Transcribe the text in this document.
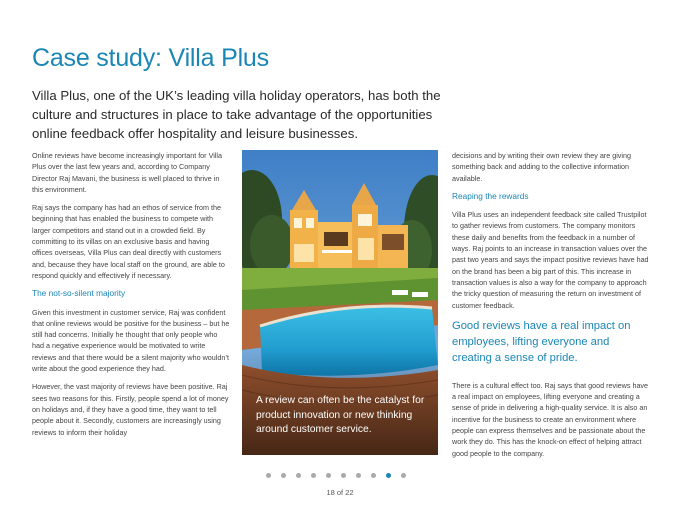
Case study: Villa Plus

Villa Plus, one of the UK’s leading villa holiday operators, has both the culture and structures in place to take advantage of the opportunities online feedback offer hospitality and leisure businesses.

Online reviews have become increasingly important for Villa Plus over the last few years and, according to Company Director Raj Mavani, the business is well placed to thrive in this environment.

Raj says the company has had an ethos of service from the beginning that has enabled the business to compete with larger competitors and stand out in a crowded field. By committing to its villas on an exclusive basis and having offices overseas, Villa Plus can deal directly with customers and, because they have local staff on the ground, are able to respond quickly and effectively if necessary.

The not-so-silent majority

Given this investment in customer service, Raj was confident that online reviews would be positive for the business – but he still had concerns. Initially he thought that only people who had a negative experience would be motivated to write reviews and that there would be a silent majority who wouldn’t write about the good experience they had.

However, the vast majority of reviews have been positive. Raj sees two reasons for this. Firstly, people spend a lot of money on holidays and, if they have a good time, they want to tell people about it. Secondly, customers are increasingly using reviews to inform their holiday

A review can often be the catalyst for product innovation or new thinking around customer service.

decisions and by writing their own review they are giving something back and adding to the collective information available.

Reaping the rewards

Villa Plus uses an independent feedback site called Trustpilot to gather reviews from customers. The company monitors these daily and benefits from the feedback in a number of ways. Raj points to an increase in transaction values over the past two years and says the impact positive reviews have had on the brand has been a big part of this. This increase in transaction values is also a way for the company to approach the tricky question of measuring the return on investment of customer feedback.

Good reviews have a real impact on employees, lifting everyone and creating a sense of pride.

There is a cultural effect too. Raj says that good reviews have a real impact on employees, lifting everyone and creating a sense of pride in delivering a high-quality service. It is also an incentive for the business to create an environment where people can express themselves and be passionate about the work they do. This has the knock-on effect of helping attract good people to the company.

18 of 22
